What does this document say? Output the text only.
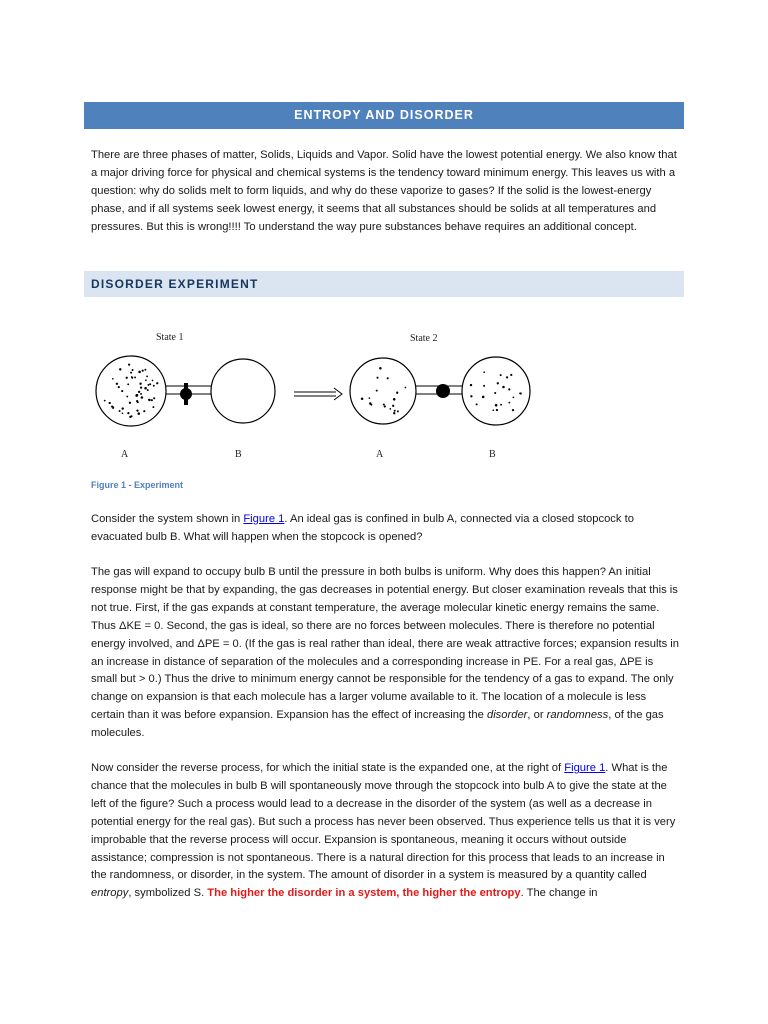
ENTROPY AND DISORDER

There are three phases of matter, Solids, Liquids and Vapor. Solid have the lowest potential energy. We also know that a major driving force for physical and chemical systems is the tendency toward minimum energy. This leaves us with a question: why do solids melt to form liquids, and why do these vaporize to gases? If the solid is the lowest-energy phase, and if all systems seek lowest energy, it seems that all substances should be solids at all temperatures and pressures. But this is wrong!!!! To understand the way pure substances behave requires an additional concept.

DISORDER EXPERIMENT
State 1	State 2
A	B	A	B
Figure 1 - Experiment

Consider the system shown in Figure 1. An ideal gas is confined in bulb A, connected via a closed stopcock to evacuated bulb B. What will happen when the stopcock is opened?

The gas will expand to occupy bulb B until the pressure in both bulbs is uniform. Why does this happen? An initial response might be that by expanding, the gas decreases in potential energy. But closer examination reveals that this is not true. First, if the gas expands at constant temperature, the average molecular kinetic energy remains the same. Thus ΔKE = 0. Second, the gas is ideal, so there are no forces between molecules. There is therefore no potential energy involved, and ΔPE = 0. (If the gas is real rather than ideal, there are weak attractive forces; expansion results in an increase in distance of separation of the molecules and a corresponding increase in PE. For a real gas, ΔPE is small but > 0.) Thus the drive to minimum energy cannot be responsible for the tendency of a gas to expand. The only change on expansion is that each molecule has a larger volume available to it. The location of a molecule is less certain than it was before expansion. Expansion has the effect of increasing the disorder, or randomness, of the gas molecules.

Now consider the reverse process, for which the initial state is the expanded one, at the right of Figure 1. What is the chance that the molecules in bulb B will spontaneously move through the stopcock into bulb A to give the state at the left of the figure? Such a process would lead to a decrease in the disorder of the system (as well as a decrease in potential energy for the real gas). But such a process has never been observed. Thus experience tells us that it is very improbable that the reverse process will occur. Expansion is spontaneous, meaning it occurs without outside assistance; compression is not spontaneous. There is a natural direction for this process that leads to an increase in the randomness, or disorder, in the system. The amount of disorder in a system is measured by a quantity called entropy, symbolized S. The higher the disorder in a system, the higher the entropy. The change in
